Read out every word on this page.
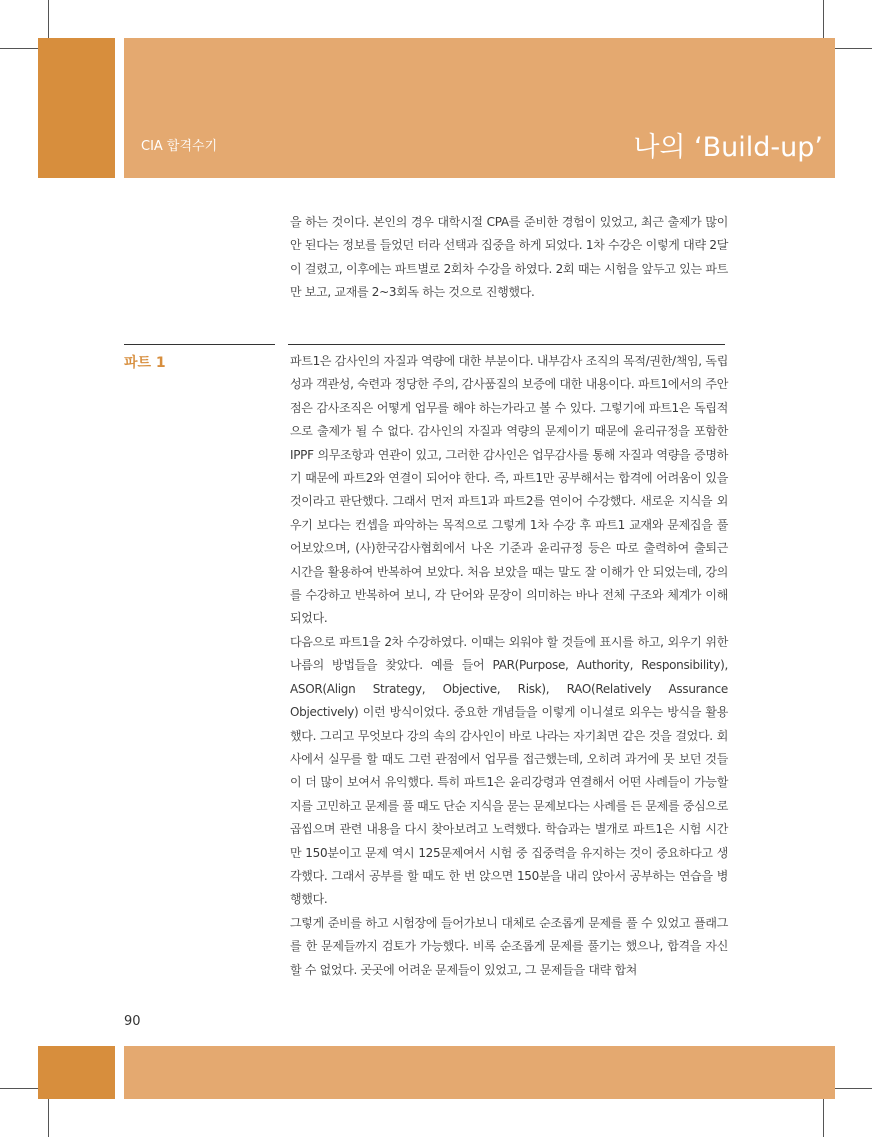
CIA 합격수기	나의 ‘Build-up’

을 하는 것이다. 본인의 경우 대학시절 CPA를 준비한 경험이 있었고, 최근 출제가 많이 안 된다는 정보를 들었던 터라 선택과 집중을 하게 되었다. 1차 수강은 이렇게 대략 2달이 걸렸고, 이후에는 파트별로 2회차 수강을 하였다. 2회 때는 시험을 앞두고 있는 파트만 보고, 교재를 2~3회독 하는 것으로 진행했다.

파트 1	파트1은 감사인의 자질과 역량에 대한 부분이다. 내부감사 조직의 목적/권한/책임, 독립성과 객관성, 숙련과 정당한 주의, 감사품질의 보증에 대한 내용이다. 파트1에서의 주안점은 감사조직은 어떻게 업무를 해야 하는가라고 볼 수 있다. 그렇기에 파트1은 독립적으로 출제가 될 수 없다. 감사인의 자질과 역량의 문제이기 때문에 윤리규정을 포함한 IPPF 의무조항과 연관이 있고, 그러한 감사인은 업무감사를 통해 자질과 역량을 증명하기 때문에 파트2와 연결이 되어야 한다. 즉, 파트1만 공부해서는 합격에 어려움이 있을 것이라고 판단했다. 그래서 먼저 파트1과 파트2를 연이어 수강했다. 새로운 지식을 외우기 보다는 컨셉을 파악하는 목적으로 그렇게 1차 수강 후 파트1 교재와 문제집을 풀어보았으며, (사)한국감사협회에서 나온 기준과 윤리규정 등은 따로 출력하여 출퇴근 시간을 활용하여 반복하여 보았다. 처음 보았을 때는 말도 잘 이해가 안 되었는데, 강의를 수강하고 반복하여 보니, 각 단어와 문장이 의미하는 바나 전체 구조와 체계가 이해되었다.

다음으로 파트1을 2차 수강하였다. 이때는 외워야 할 것들에 표시를 하고, 외우기 위한 나름의 방법들을 찾았다. 예를 들어 PAR(Purpose, Authority, Responsibility), ASOR(Align Strategy, Objective, Risk), RAO(Relatively Assurance Objectively) 이런 방식이었다. 중요한 개념들을 이렇게 이니셜로 외우는 방식을 활용했다. 그리고 무엇보다 강의 속의 감사인이 바로 나라는 자기최면 같은 것을 걸었다. 회사에서 실무를 할 때도 그런 관점에서 업무를 접근했는데, 오히려 과거에 못 보던 것들이 더 많이 보여서 유익했다. 특히 파트1은 윤리강령과 연결해서 어떤 사례들이 가능할지를 고민하고 문제를 풀 때도 단순 지식을 묻는 문제보다는 사례를 든 문제를 중심으로 곱씹으며 관련 내용을 다시 찾아보려고 노력했다. 학습과는 별개로 파트1은 시험 시간만 150분이고 문제 역시 125문제여서 시험 중 집중력을 유지하는 것이 중요하다고 생각했다. 그래서 공부를 할 때도 한 번 앉으면 150분을 내리 앉아서 공부하는 연습을 병행했다.

그렇게 준비를 하고 시험장에 들어가보니 대체로 순조롭게 문제를 풀 수 있었고 플래그를 한 문제들까지 검토가 가능했다. 비록 순조롭게 문제를 풀기는 했으나, 합격을 자신할 수 없었다. 곳곳에 어려운 문제들이 있었고, 그 문제들을 대략 합쳐

90
